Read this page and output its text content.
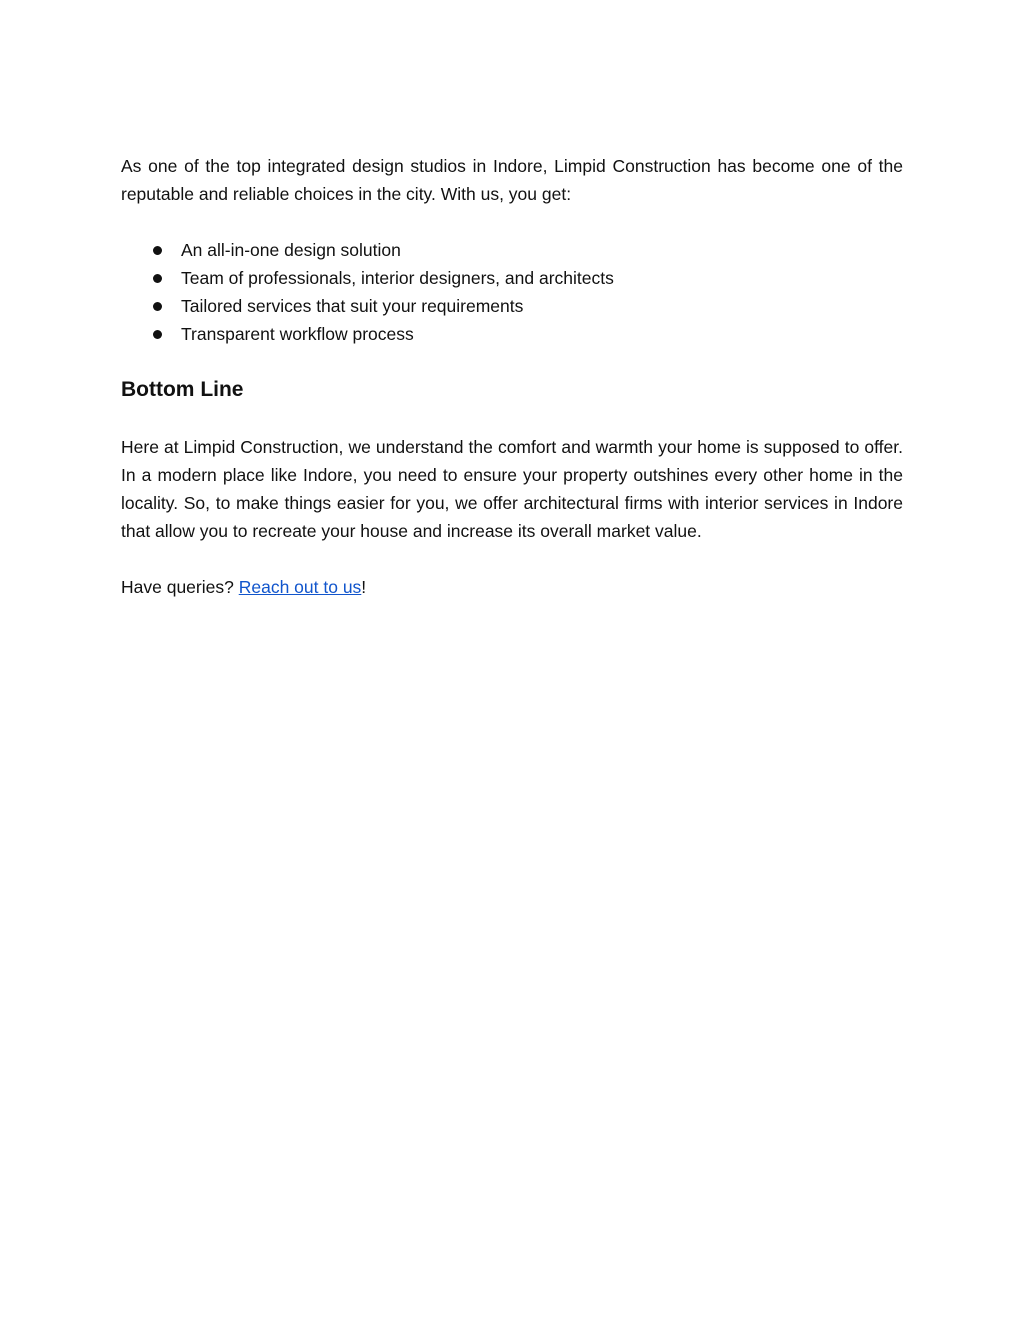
As one of the top integrated design studios in Indore, Limpid Construction has become one of the reputable and reliable choices in the city. With us, you get:

An all-in-one design solution
Team of professionals, interior designers, and architects
Tailored services that suit your requirements
Transparent workflow process
Bottom Line

Here at Limpid Construction, we understand the comfort and warmth your home is supposed to offer. In a modern place like Indore, you need to ensure your property outshines every other home in the locality. So, to make things easier for you, we offer architectural firms with interior services in Indore that allow you to recreate your house and increase its overall market value.

Have queries? Reach out to us!
